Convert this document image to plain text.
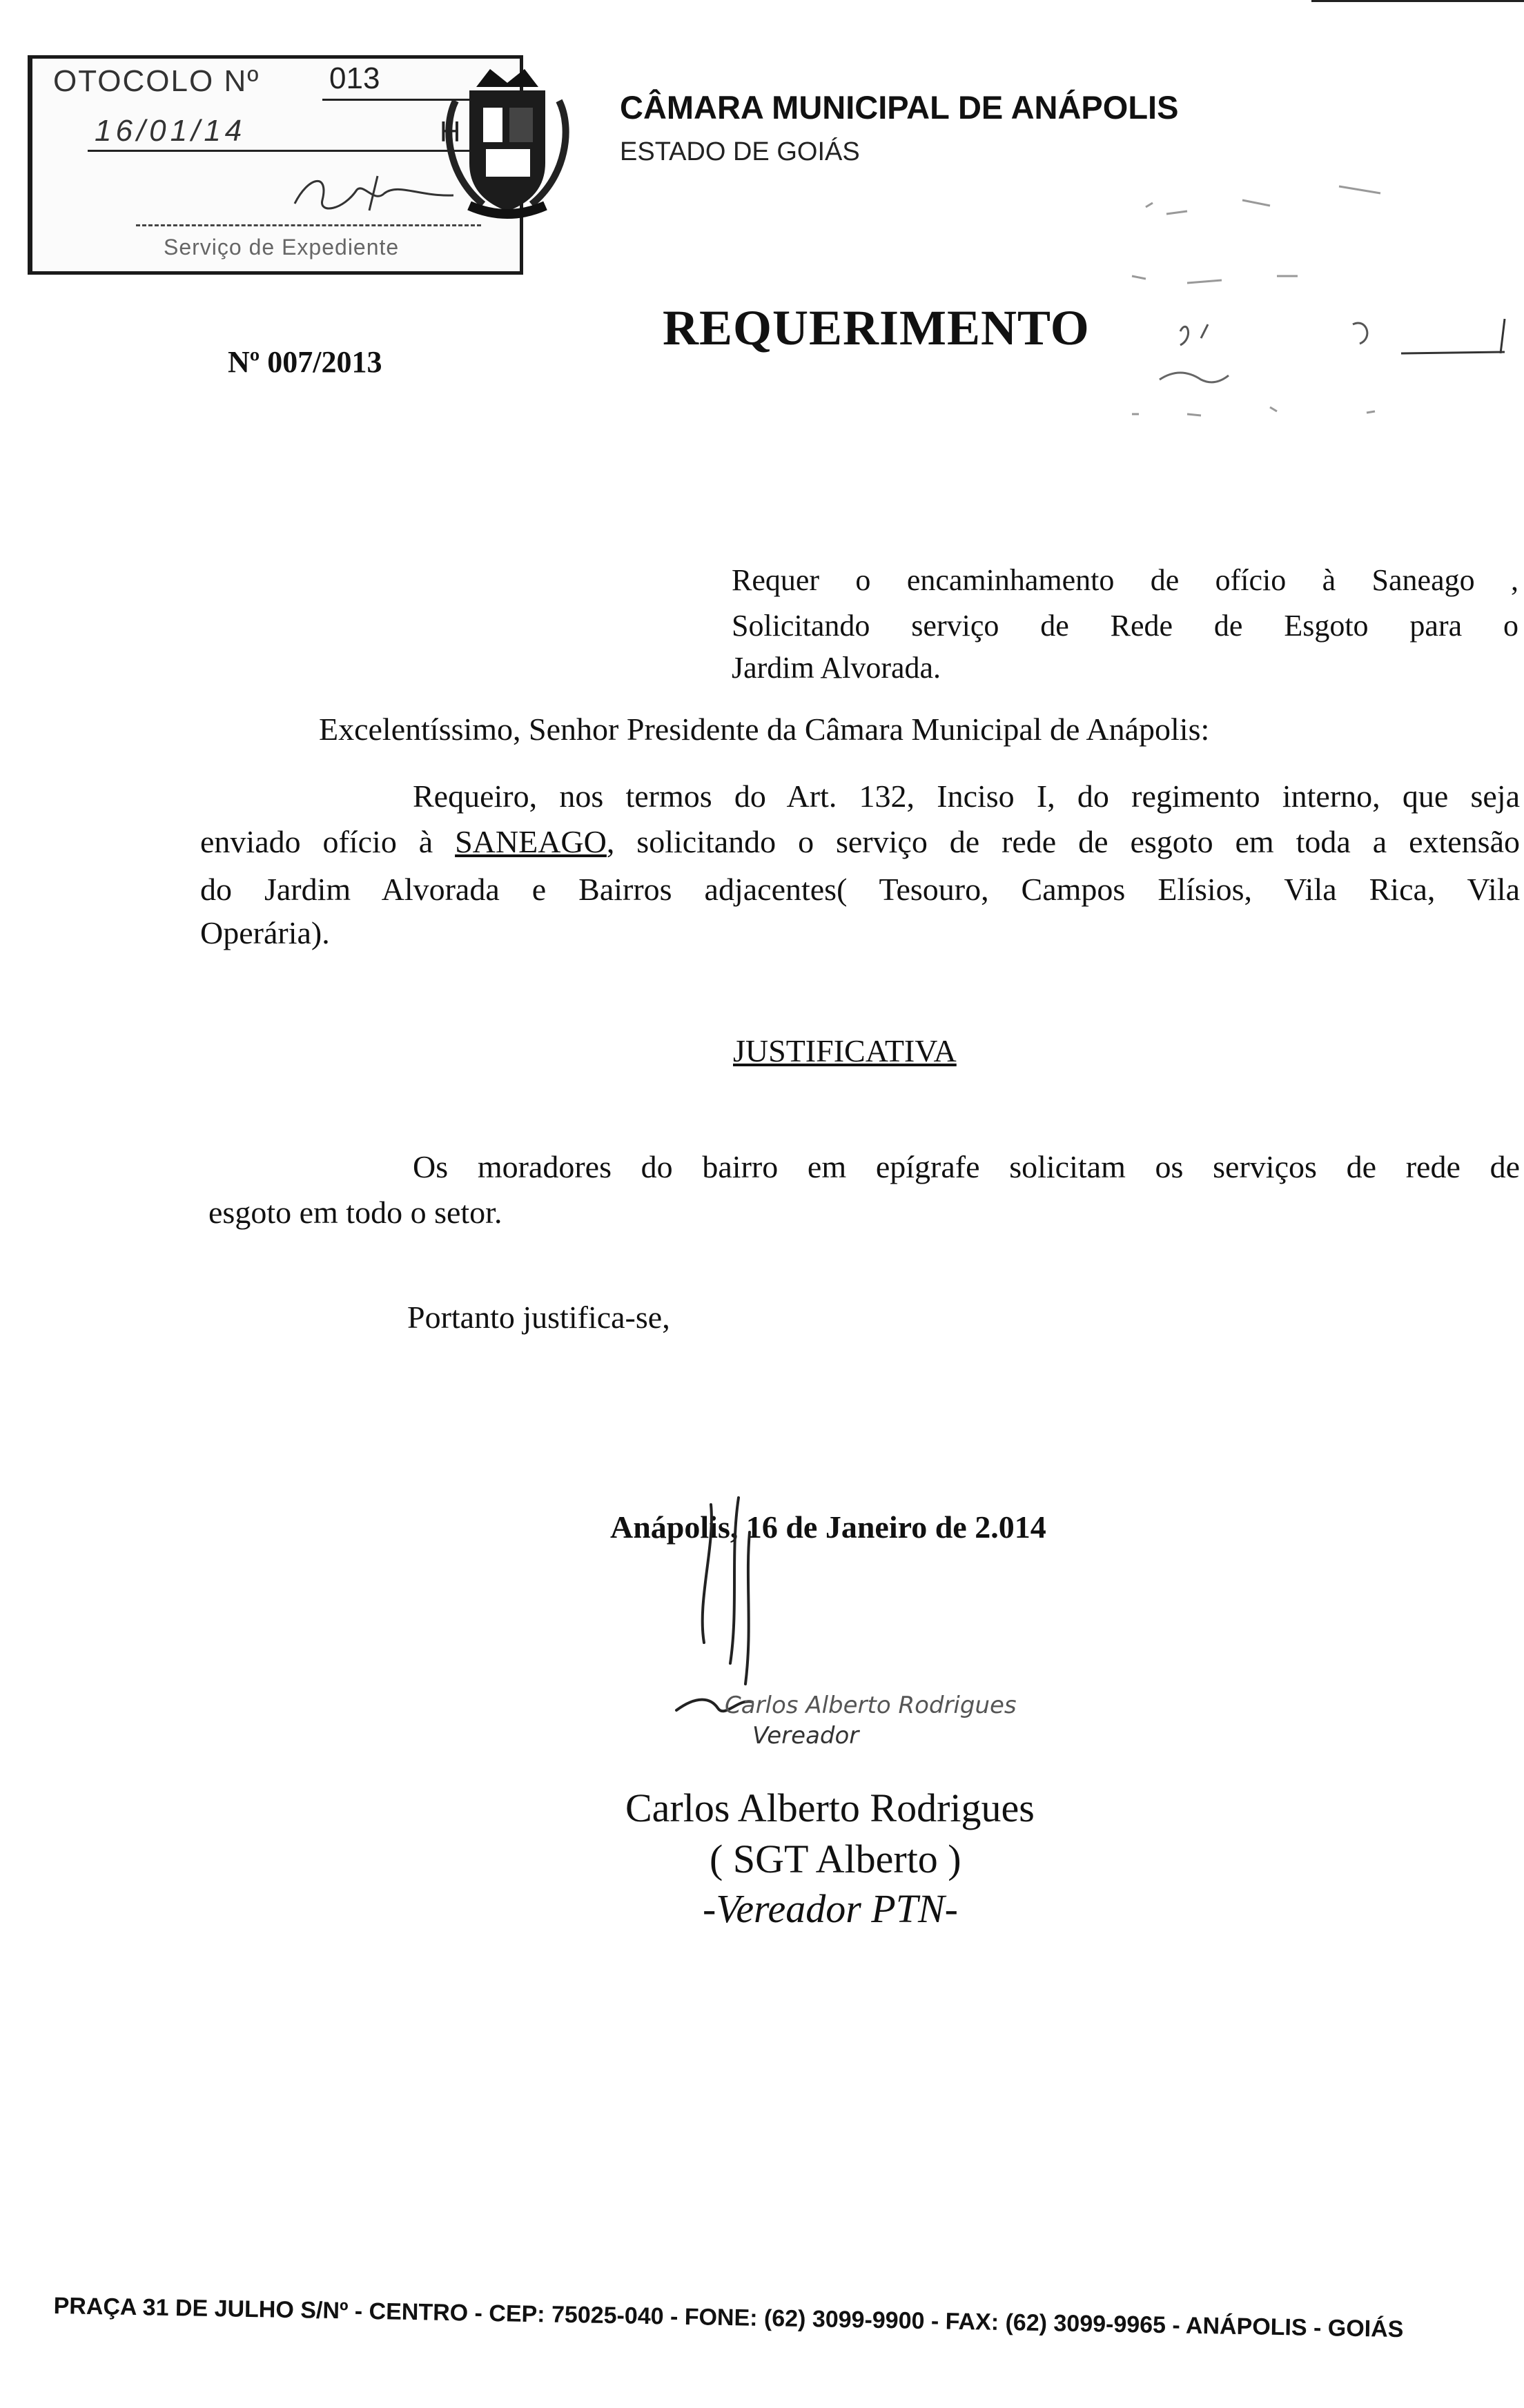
OTOCOLO Nº 013
16/01/14	H
Serviço de Expediente
CÂMARA MUNICIPAL DE ANÁPOLIS
ESTADO DE GOIÁS
Nº 007/2013
REQUERIMENTO
Requer o encaminhamento de ofício à Saneago ,
Solicitando serviço de Rede de Esgoto para o
Jardim Alvorada.
Excelentíssimo, Senhor Presidente da Câmara Municipal de Anápolis:
Requeiro, nos termos do Art. 132, Inciso I, do regimento interno, que seja
enviado ofício à SANEAGO, solicitando o serviço de rede de esgoto em toda a extensão
do Jardim Alvorada e Bairros adjacentes( Tesouro, Campos Elísios, Vila Rica, Vila
Operária).
JUSTIFICATIVA
Os moradores do bairro em epígrafe solicitam os serviços de rede de
esgoto em todo o setor.
Portanto justifica-se,
Anápolis, 16 de Janeiro de 2.014
Carlos Alberto Rodrigues
Vereador
Carlos Alberto Rodrigues
( SGT Alberto )
-Vereador PTN-
PRAÇA 31 DE JULHO S/Nº - CENTRO - CEP: 75025-040 - FONE: (62) 3099-9900 - FAX: (62) 3099-9965 - ANÁPOLIS - GOIÁS
